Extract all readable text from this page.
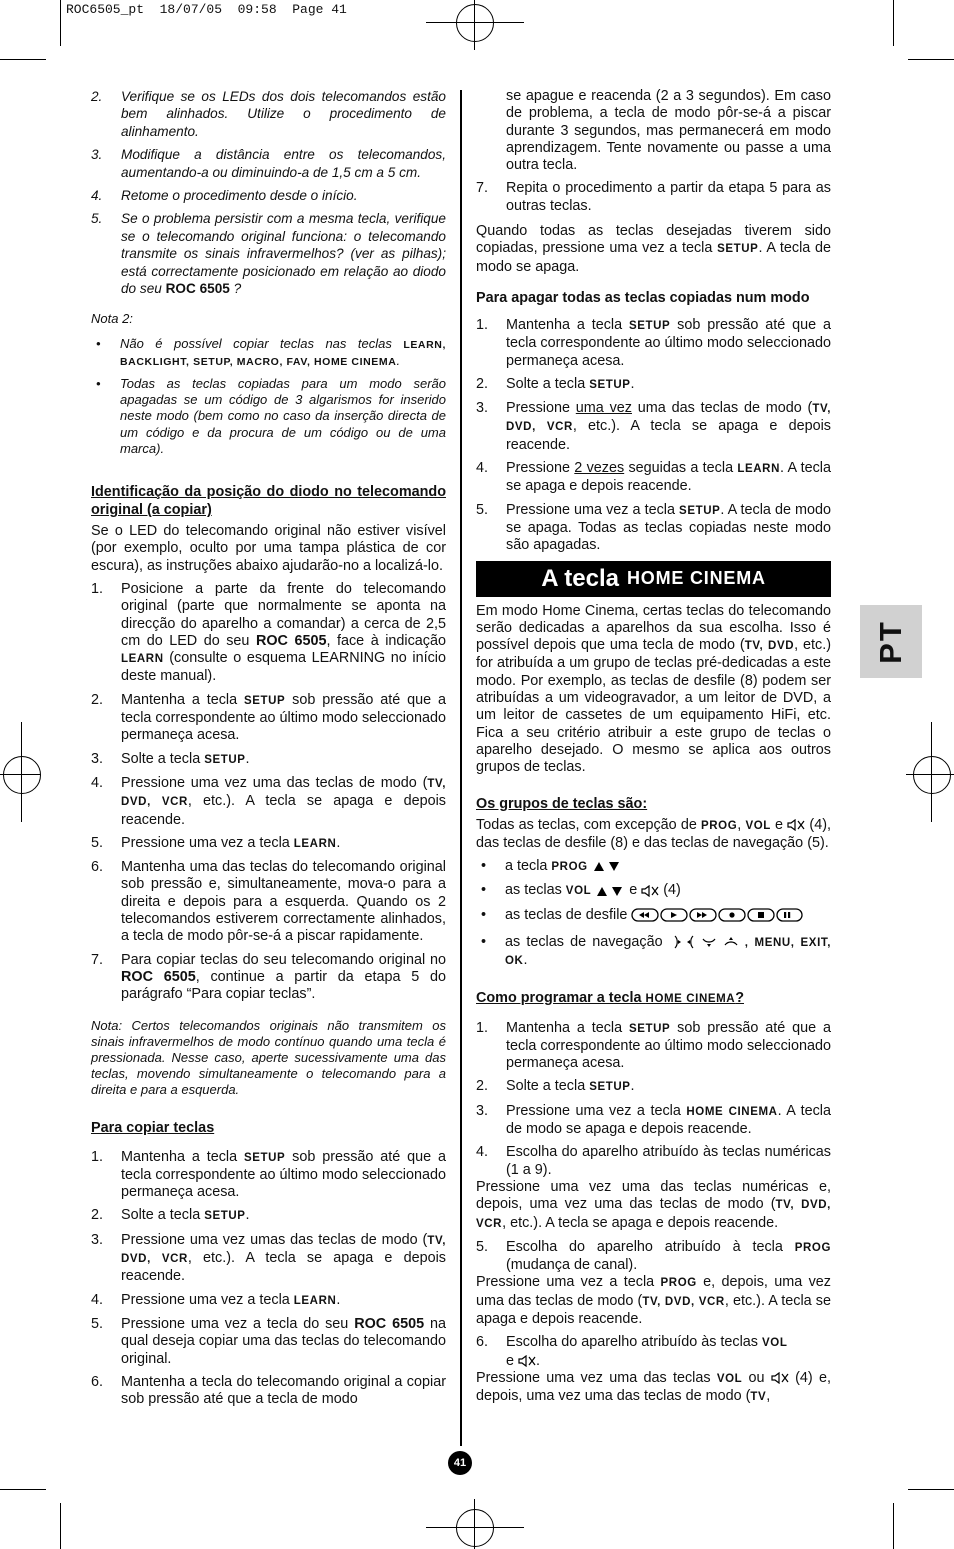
ROC6505_pt  18/07/05  09:58  Page 41
PT
2.	Verifique se os LEDs dos dois telecomandos estão bem alinhados. Utilize o procedimento de alinhamento.
3.	Modifique a distância entre os telecomandos, aumentando-a ou diminuindo-a de 1,5 cm a 5 cm.
4.	Retome o procedimento desde o início.
5.	Se o problema persistir com a mesma tecla, verifique se o telecomando original funciona: o telecomando transmite os sinais infravermelhos? (ver as pilhas); está correctamente posicionado em relação ao diodo do seu ROC 6505 ?
Nota 2:
•	Não é possível copiar teclas nas teclas LEARN, BACKLIGHT, SETUP, MACRO, FAV, HOME CINEMA.
•	Todas as teclas copiadas para um modo serão apagadas se um código de 3 algarismos for inserido neste modo (bem como no caso da inserção directa de um código e da procura de um código ou de uma marca).
Identificação da posição do diodo no telecomando original (a copiar)
Se o LED do telecomando original não estiver visível (por exemplo, oculto por uma tampa plástica de cor escura), as instruções abaixo ajudarão-no a localizá-lo.
1.	Posicione a parte da frente do telecomando original (parte que normalmente se aponta na direcção do aparelho a comandar) a cerca de 2,5 cm do LED do seu ROC 6505, face à indicação LEARN (consulte o esquema LEARNING no início deste manual).
2.	Mantenha a tecla SETUP sob pressão até que a tecla correspondente ao último modo seleccionado permaneça acesa.
3.	Solte a tecla SETUP.
4.	Pressione uma vez uma das teclas de modo (TV, DVD, VCR, etc.). A tecla se apaga e depois reacende.
5.	Pressione uma vez a tecla LEARN.
6.	Mantenha uma das teclas do telecomando original sob pressão e, simultaneamente, mova-o para a direita e depois para a esquerda. Quando os 2 telecomandos estiverem correctamente alinhados, a tecla de modo pôr-se-á a piscar rapidamente.
7.	Para copiar teclas do seu telecomando original no ROC 6505, continue a partir da etapa 5 do parágrafo “Para copiar teclas”.
Nota: Certos telecomandos originais não transmitem os sinais infravermelhos de modo contínuo quando uma tecla é pressionada. Nesse caso, aperte sucessivamente uma das teclas, movendo simultaneamente o telecomando para a direita e para a esquerda.
Para copiar teclas
1.	Mantenha a tecla SETUP sob pressão até que a tecla correspondente ao último modo seleccionado permaneça acesa.
2.	Solte a tecla SETUP.
3.	Pressione uma vez umas das teclas de modo (TV, DVD, VCR, etc.). A tecla se apaga e depois reacende.
4.	Pressione uma vez a tecla LEARN.
5.	Pressione uma vez a tecla do seu ROC 6505 na qual deseja copiar uma das teclas do telecomando original.
6.	Mantenha a tecla do telecomando original a copiar sob pressão até que a tecla de modo
se apague e reacenda (2 a 3 segundos). Em caso de problema, a tecla de modo pôr-se-á a piscar durante 3 segundos, mas permanecerá em modo aprendizagem. Tente novamente ou passe a uma outra tecla.
7.	Repita o procedimento a partir da etapa 5 para as outras teclas.
Quando todas as teclas desejadas tiverem sido copiadas, pressione uma vez a tecla SETUP. A tecla de modo se apaga.
Para apagar todas as teclas copiadas num modo
1.	Mantenha a tecla SETUP sob pressão até que a tecla correspondente ao último modo seleccionado permaneça acesa.
2.	Solte a tecla SETUP.
3.	Pressione uma vez uma das teclas de modo (TV, DVD, VCR, etc.). A tecla se apaga e depois reacende.
4.	Pressione 2 vezes seguidas a tecla LEARN. A tecla se apaga e depois reacende.
5.	Pressione uma vez a tecla SETUP. A tecla de modo se apaga. Todas as teclas copiadas neste modo são apagadas.
A tecla HOME CINEMA
Em modo Home Cinema, certas teclas do telecomando serão dedicadas a aparelhos da sua escolha. Isso é possível depois que uma tecla de modo (TV, DVD, etc.) for atribuída a um grupo de teclas pré-dedicadas a este modo. Por exemplo, as teclas de desfile (8) podem ser atribuídas a um videogravador, a um leitor de DVD, a um leitor de cassetes de um equipamento HiFi, etc. Fica a seu critério atribuir a este grupo de teclas o aparelho desejado. O mesmo se aplica aos outros grupos de teclas.
Os grupos de teclas são:
Todas as teclas, com excepção de PROG, VOL e  (4), das teclas de desfile (8) e das teclas de navegação (5).
•	a tecla PROG
•	as teclas VOL  e  (4)
•	as teclas de desfile
•	as teclas de navegação	, MENU, EXIT, OK.
Como programar a tecla HOME CINEMA?
1.	Mantenha a tecla SETUP sob pressão até que a tecla correspondente ao último modo seleccionado permaneça acesa.
2.	Solte a tecla SETUP.
3.	Pressione uma vez a tecla HOME CINEMA. A tecla de modo se apaga e depois reacende.
4.	Escolha do aparelho atribuído às teclas numéricas (1 a 9).
Pressione uma vez uma das teclas numéricas e, depois, uma vez uma das teclas de modo (TV, DVD, VCR, etc.). A tecla se apaga e depois reacende.
5.	Escolha do aparelho atribuído à tecla PROG (mudança de canal).
Pressione uma vez a tecla PROG e, depois, uma vez uma das teclas de modo (TV, DVD, VCR, etc.). A tecla se apaga e depois reacende.
6.	Escolha do aparelho atribuído às teclas VOL
e .
Pressione uma vez uma das teclas VOL ou  (4) e, depois, uma vez uma das teclas de modo (TV,
41
